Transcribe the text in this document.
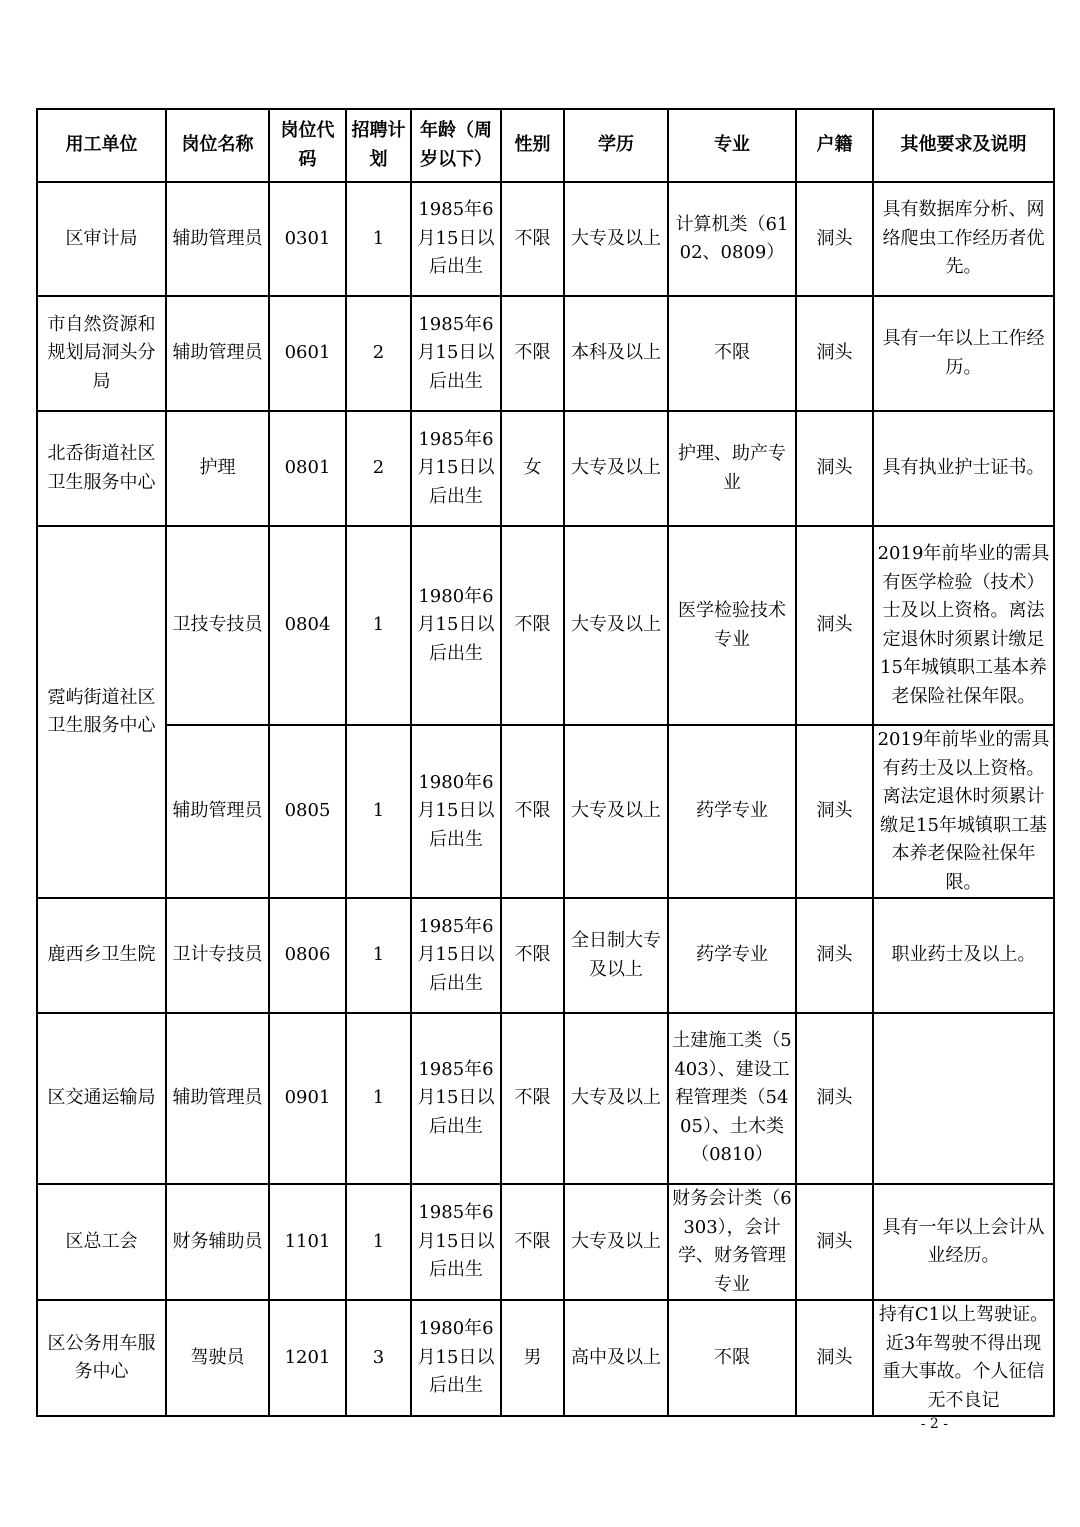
用工单位	岗位名称	岗位代码	招聘计划	年龄（周岁以下）	性别	学历	专业	户籍	其他要求及说明
区审计局	辅助管理员	0301	1	1985年6月15日以后出生	不限	大专及以上	计算机类（6102、0809）	洞头	具有数据库分析、网络爬虫工作经历者优先。
市自然资源和规划局洞头分局	辅助管理员	0601	2	1985年6月15日以后出生	不限	本科及以上	不限	洞头	具有一年以上工作经历。
北岙街道社区卫生服务中心	护理	0801	2	1985年6月15日以后出生	女	大专及以上	护理、助产专业	洞头	具有执业护士证书。
霓屿街道社区卫生服务中心	卫技专技员	0804	1	1980年6月15日以后出生	不限	大专及以上	医学检验技术专业	洞头	2019年前毕业的需具有医学检验（技术）士及以上资格。离法定退休时须累计缴足15年城镇职工基本养老保险社保年限。
	辅助管理员	0805	1	1980年6月15日以后出生	不限	大专及以上	药学专业	洞头	2019年前毕业的需具有药士及以上资格。离法定退休时须累计缴足15年城镇职工基本养老保险社保年限。
鹿西乡卫生院	卫计专技员	0806	1	1985年6月15日以后出生	不限	全日制大专及以上	药学专业	洞头	职业药士及以上。
区交通运输局	辅助管理员	0901	1	1985年6月15日以后出生	不限	大专及以上	土建施工类（5403）、建设工程管理类（5405）、土木类（0810）	洞头	
区总工会	财务辅助员	1101	1	1985年6月15日以后出生	不限	大专及以上	财务会计类（6303），会计学、财务管理专业	洞头	具有一年以上会计从业经历。
区公务用车服务中心	驾驶员	1201	3	1980年6月15日以后出生	男	高中及以上	不限	洞头	持有C1以上驾驶证。近3年驾驶不得出现重大事故。个人征信无不良记
- 2 -
